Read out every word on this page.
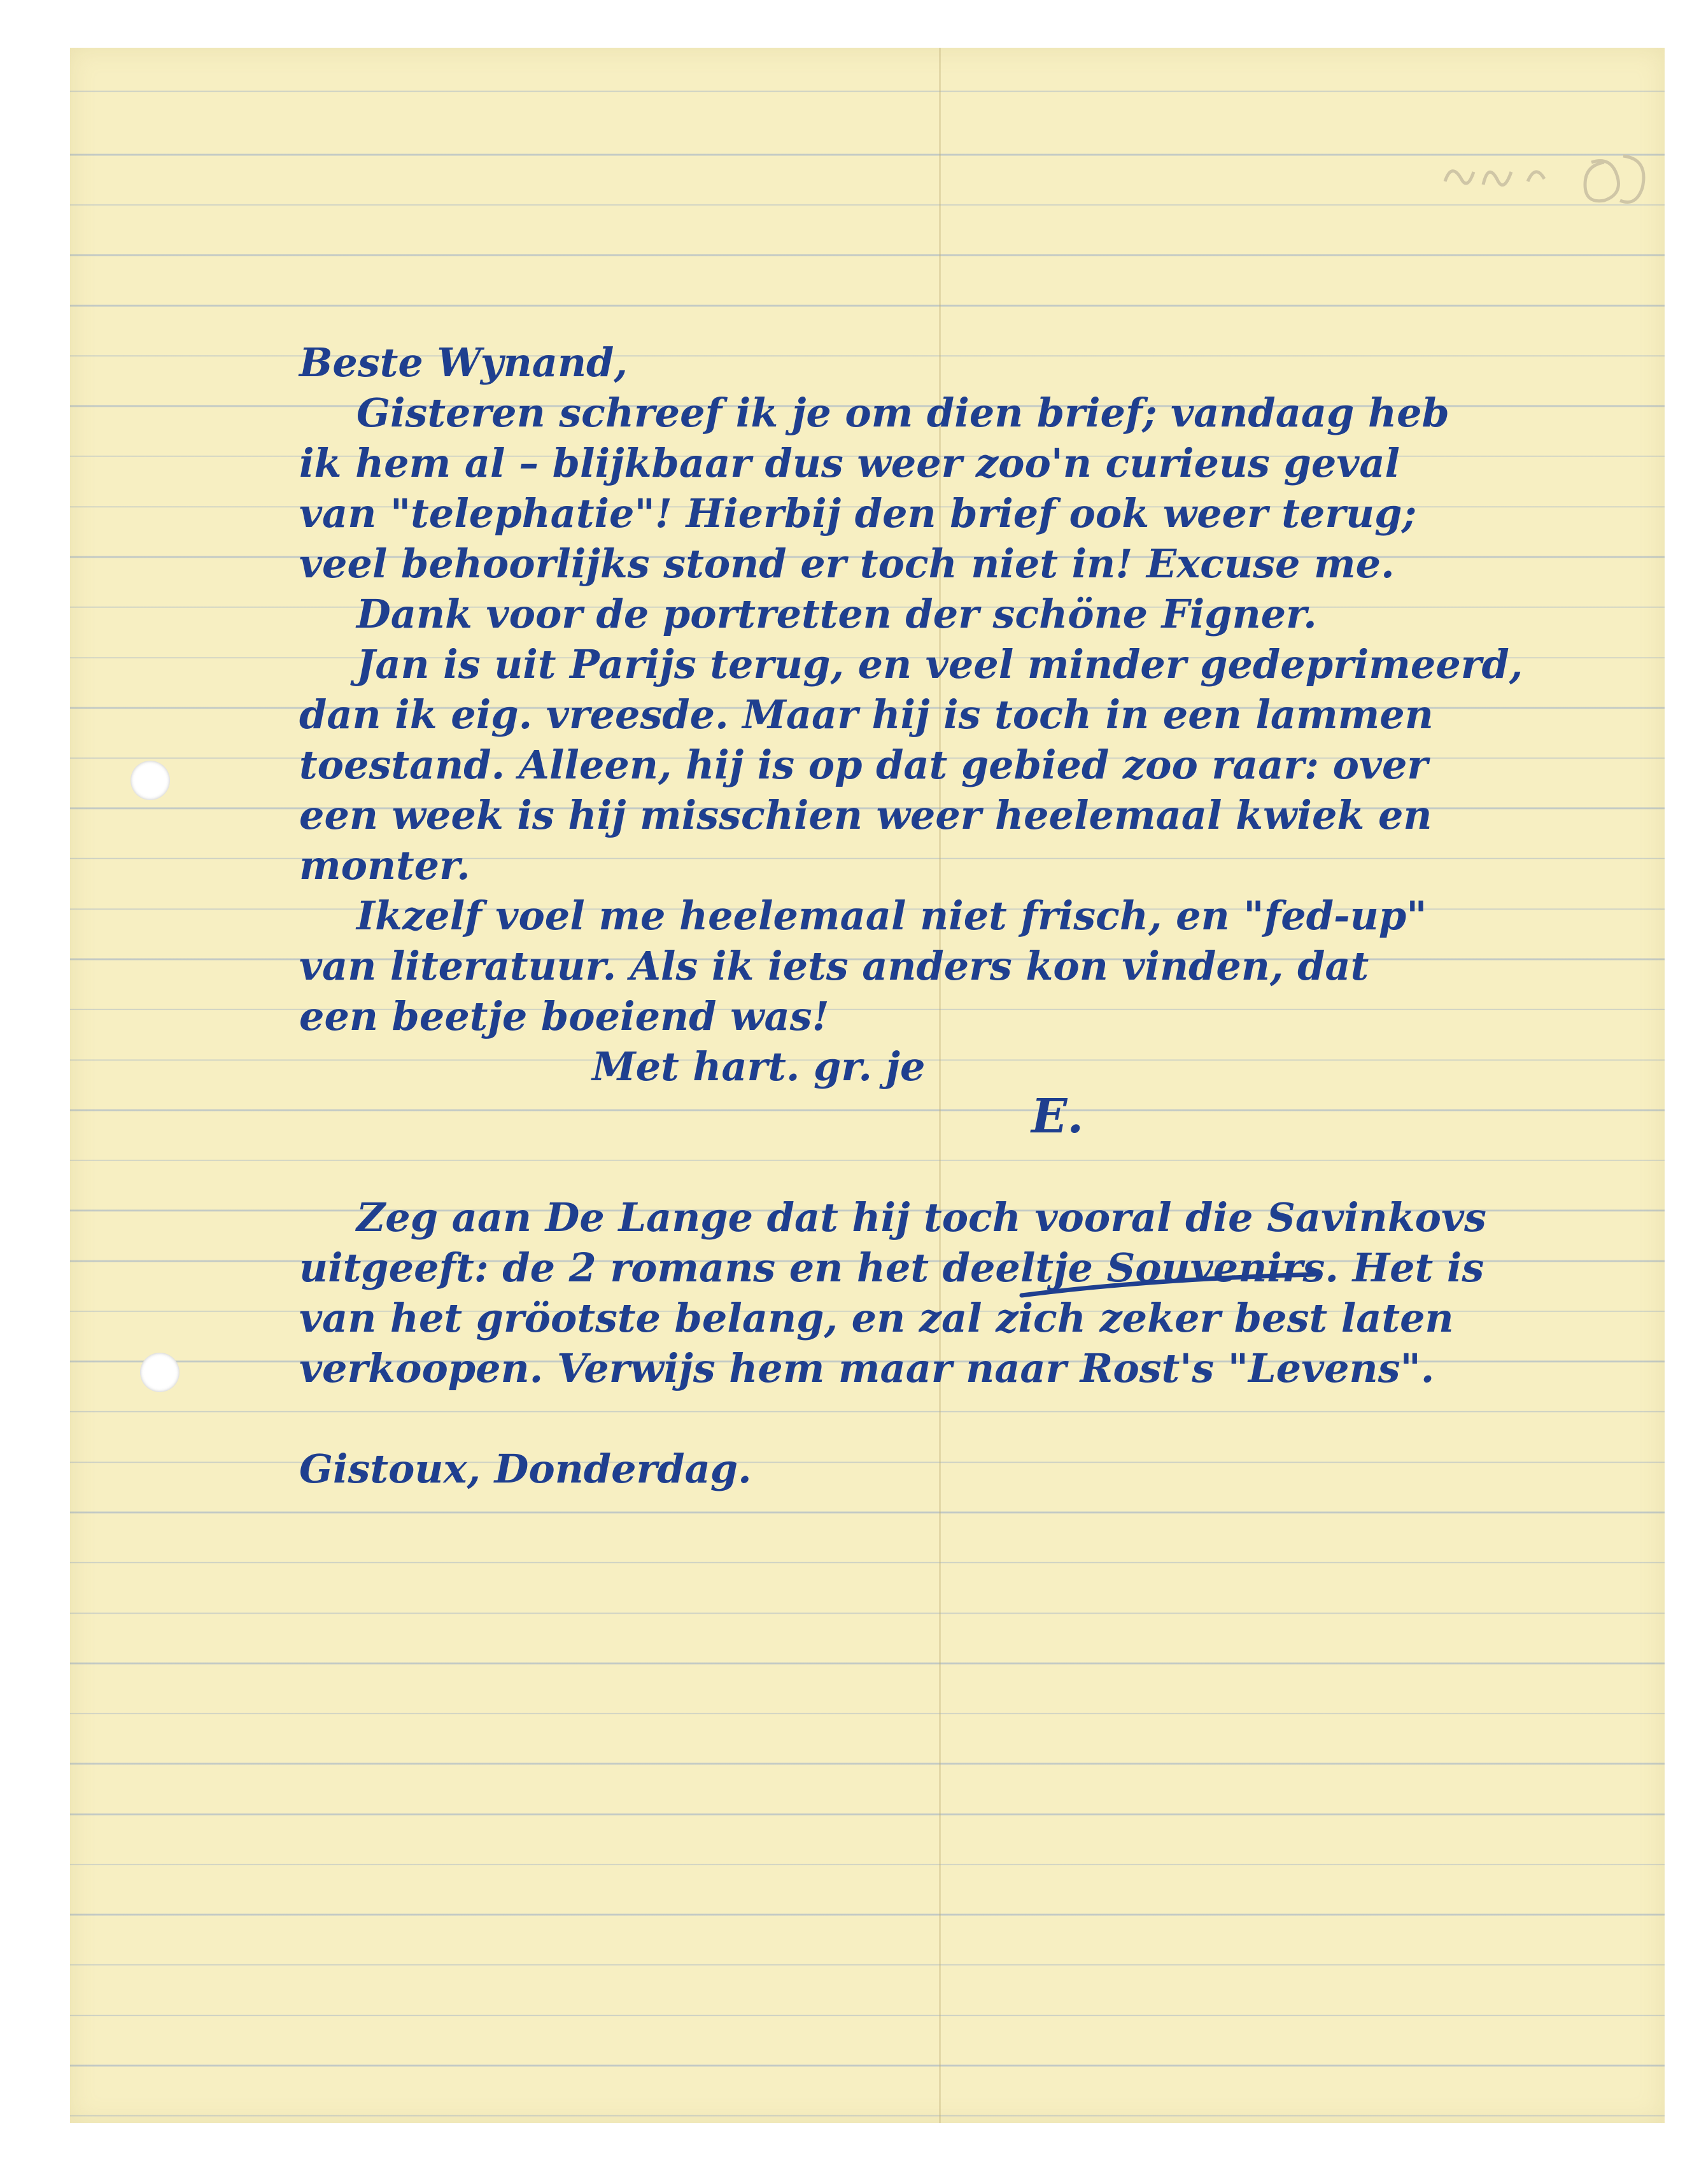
Beste Wynand,
Gisteren schreef ik je om dien brief; vandaag heb
ik hem al – blijkbaar dus weer zoo'n curieus geval
van "telephatie"! Hierbij den brief ook weer terug;
veel behoorlijks stond er toch niet in! Excuse me.
Dank voor de portretten der schöne Figner.
Jan is uit Parijs terug, en veel minder gedeprimeerd,
dan ik eig. vreesde. Maar hij is toch in een lammen
toestand. Alleen, hij is op dat gebied zoo raar: over
een week is hij misschien weer heelemaal kwiek en
monter.
Ikzelf voel me heelemaal niet frisch, en "fed-up"
van literatuur. Als ik iets anders kon vinden, dat
een beetje boeiend was!
Met hart. gr. je
E.
Zeg aan De Lange dat hij toch vooral die Savinkovs
uitgeeft: de 2 romans en het deeltje Souvenirs. Het is
van het gröotste belang, en zal zich zeker best laten
verkoopen. Verwijs hem maar naar Rost's "Levens".
Gistoux, Donderdag.
